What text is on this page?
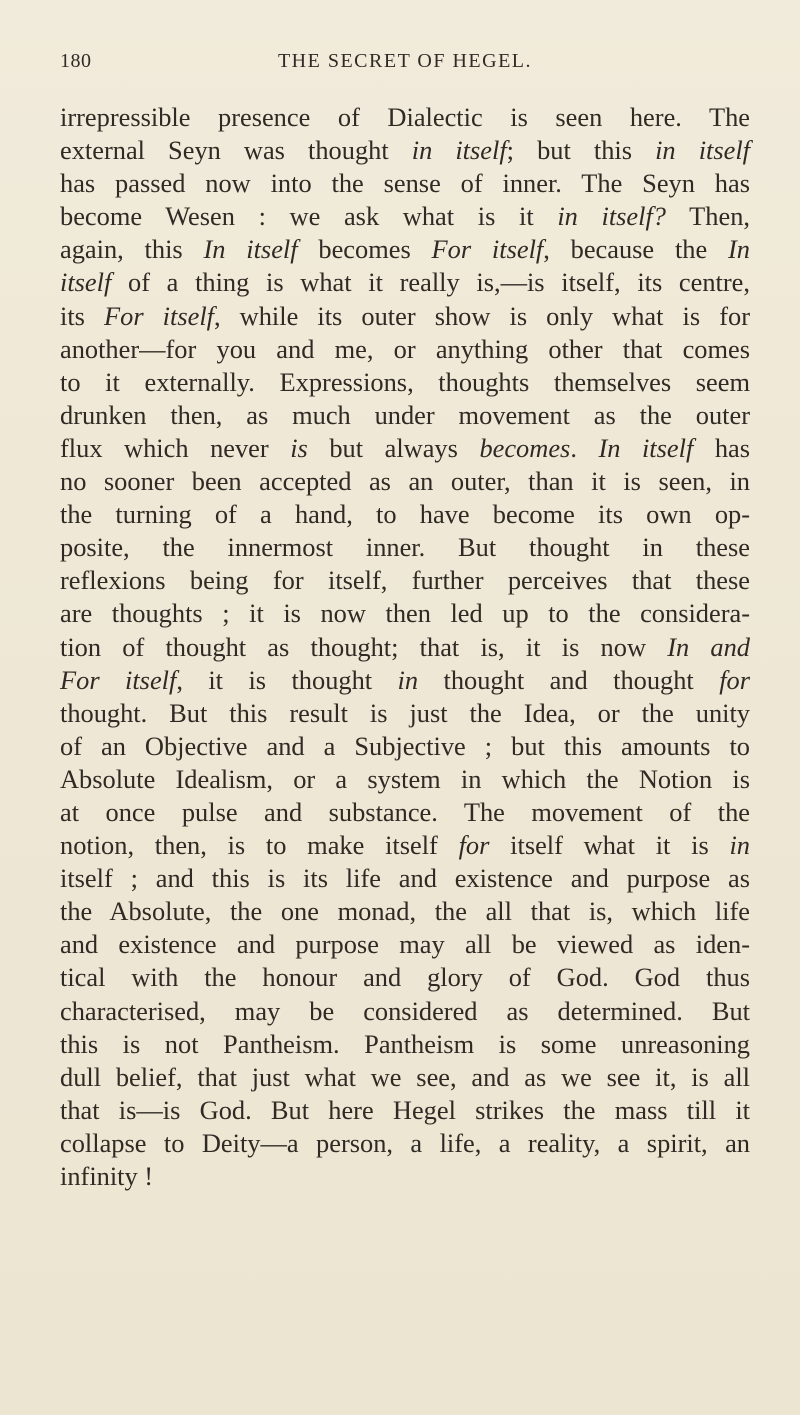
180	THE SECRET OF HEGEL.
irrepressible presence of Dialectic is seen here. The
external Seyn was thought in itself; but this in itself
has passed now into the sense of inner. The Seyn has
become Wesen : we ask what is it in itself? Then,
again, this In itself becomes For itself, because the In
itself of a thing is what it really is,—is itself, its centre,
its For itself, while its outer show is only what is for
another—for you and me, or anything other that comes
to it externally. Expressions, thoughts themselves seem
drunken then, as much under movement as the outer
flux which never is but always becomes. In itself has
no sooner been accepted as an outer, than it is seen, in
the turning of a hand, to have become its own op-
posite, the innermost inner. But thought in these
reflexions being for itself, further perceives that these
are thoughts ; it is now then led up to the considera-
tion of thought as thought; that is, it is now In and
For itself, it is thought in thought and thought for
thought. But this result is just the Idea, or the unity
of an Objective and a Subjective ; but this amounts to
Absolute Idealism, or a system in which the Notion is
at once pulse and substance. The movement of the
notion, then, is to make itself for itself what it is in
itself ; and this is its life and existence and purpose as
the Absolute, the one monad, the all that is, which life
and existence and purpose may all be viewed as iden-
tical with the honour and glory of God. God thus
characterised, may be considered as determined. But
this is not Pantheism. Pantheism is some unreasoning
dull belief, that just what we see, and as we see it, is all
that is—is God. But here Hegel strikes the mass till it
collapse to Deity—a person, a life, a reality, a spirit, an
infinity !
